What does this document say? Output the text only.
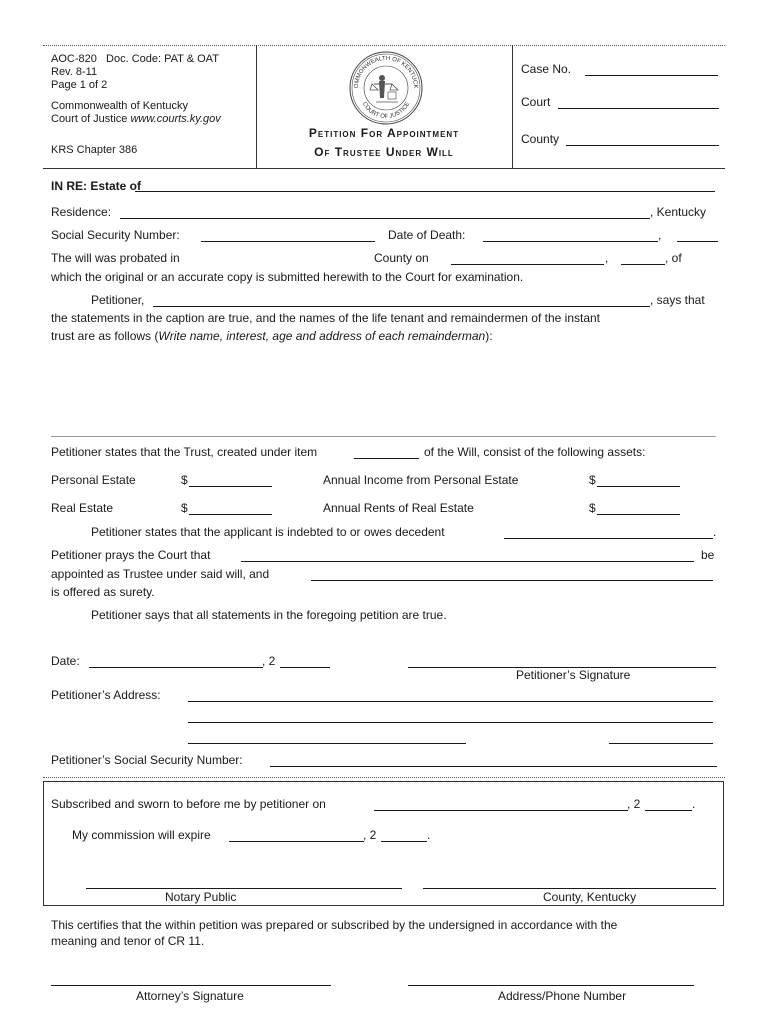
AOC-820 Doc. Code: PAT & OAT
Rev. 8-11
Page 1 of 2
Commonwealth of Kentucky
Court of Justice www.courts.ky.gov
KRS Chapter 386
OMMONWEALTH OF KENTUCK
COURT OF JUSTICE
Petition For Appointment
Of Trustee Under Will
Case No.
Court
County
IN RE: Estate of
Residence:	, Kentucky
Social Security Number:	Date of Death:	,
The will was probated in	County on	,	, of
which the original or an accurate copy is submitted herewith to the Court for examination.
Petitioner,	, says that
the statements in the caption are true, and the names of the life tenant and remaindermen of the instant
trust are as follows (Write name, interest, age and address of each remainderman):
Petitioner states that the Trust, created under item	of the Will, consist of the following assets:
Personal Estate	$	Annual Income from Personal Estate	$
Real Estate	$	Annual Rents of Real Estate	$
Petitioner states that the applicant is indebted to or owes decedent	.
Petitioner prays the Court that	be
appointed as Trustee under said will, and
is offered as surety.
Petitioner says that all statements in the foregoing petition are true.
Date:	, 2
Petitioner’s Signature
Petitioner’s Address:
Petitioner’s Social Security Number:
Subscribed and sworn to before me by petitioner on	, 2	.
My commission will expire	, 2	.
Notary Public	County, Kentucky
This certifies that the within petition was prepared or subscribed by the undersigned in accordance with the
meaning and tenor of CR 11.
Attorney’s Signature	Address/Phone Number
